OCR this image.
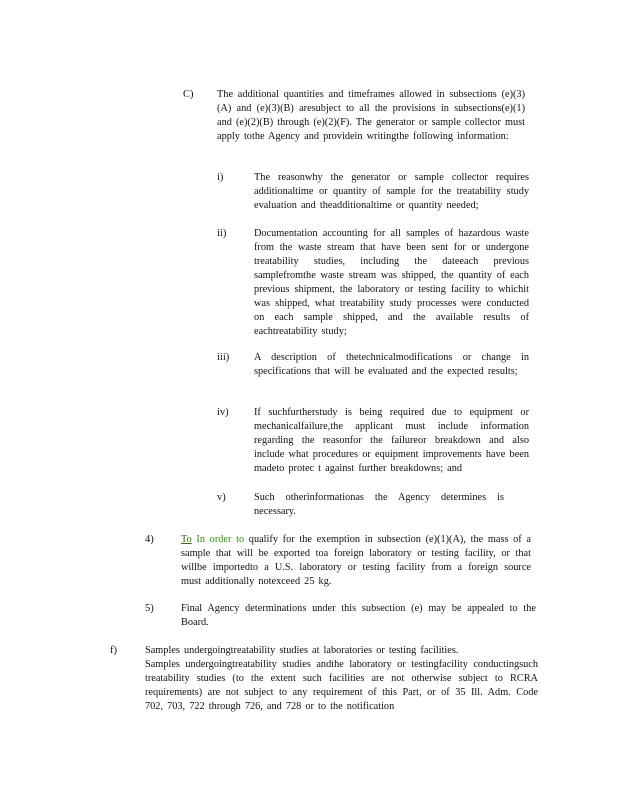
C) The additional quantities and timeframes allowed in subsections (e)(3)(A) and (e)(3)(B) aresubject to all the provisions in subsections(e)(1) and (e)(2)(B) through (e)(2)(F). The generator or sample collector must apply tothe Agency and providein writingthe following information:
i)	The reasonwhy the generator or sample collector requires additionaltime or quantity of sample for the treatability study evaluation and theadditionaltime or quantity needed;
ii)	Documentation accounting for all samples of hazardous waste from the waste stream that have been sent for or undergone treatability studies, including the dateeach previous samplefromthe waste stream was shipped, the quantity of each previous shipment, the laboratory or testing facility to whichit was shipped, what treatability study processes were conducted on each sample shipped, and the available results of eachtreatability study;
iii) A description of thetechnicalmodifications or change in specifications that will be evaluated and the expected results;
iv) If suchfurtherstudy is being required due to equipment or mechanicalfailure,the applicant must include information regarding the reasonfor the failureor breakdown and also include what procedures or equipment improvements have been madeto protec t against further breakdowns; and
v)	Such otherinformationas the Agency determines is necessary.
4)	To In order to qualify for the exemption in subsection (e)(1)(A), the mass of a sample that will be exported toa foreign laboratory or testing facility, or that willbe importedto a U.S. laboratory or testing facility from a foreign source must additionally notexceed 25 kg.
5)	Final Agency determinations under this subsection (e) may be appealed to the Board.
f)	Samples undergoingtreatability studies at laboratories or testing facilities.
Samples undergoingtreatability studies andthe laboratory or testingfacility conductingsuch treatability studies (to the extent such facilities are not otherwise subject to RCRA requirements) are not subject to any requirement of this Part, or of 35 Ill. Adm. Code 702, 703, 722 through 726, and 728 or to the notification
